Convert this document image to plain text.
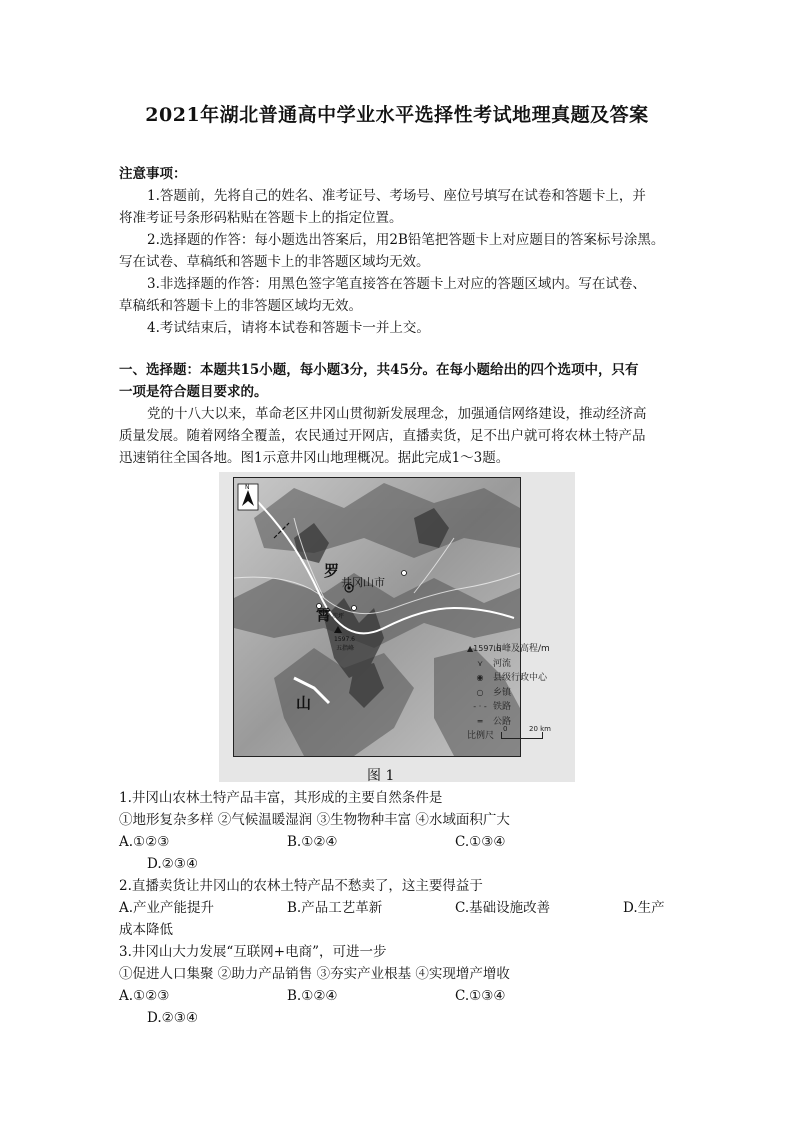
2021年湖北普通高中学业水平选择性考试地理真题及答案
注意事项：
1.答题前，先将自己的姓名、准考证号、考场号、座位号填写在试卷和答题卡上，并
将准考证号条形码粘贴在答题卡上的指定位置。
2.选择题的作答：每小题选出答案后，用2B铅笔把答题卡上对应题目的答案标号涂黑。
写在试卷、草稿纸和答题卡上的非答题区域均无效。
3.非选择题的作答：用黑色签字笔直接答在答题卡上对应的答题区域内。写在试卷、
草稿纸和答题卡上的非答题区域均无效。
4.考试结束后，请将本试卷和答题卡一并上交。
一、选择题：本题共15小题，每小题3分，共45分。在每小题给出的四个选项中，只有
一项是符合题目要求的。
党的十八大以来，革命老区井冈山贯彻新发展理念，加强通信网络建设，推动经济高
质量发展。随着网络全覆盖，农民通过开网店，直播卖货，足不出户就可将农林土特产品
迅速销往全国各地。图1示意井冈山地理概况。据此完成1～3题。
N
罗
霄
山
井冈山市
茨坪
1597.6
五指峰	▲1597.6山峰及高程/m
⋎ 河流
◉ 县级行政中心
○ 乡镇
- · - 铁路
═ 公路
比例尺
0	20 km
图 1
1.井冈山农林土特产品丰富，其形成的主要自然条件是
①地形复杂多样 ②气候温暖湿润 ③生物物种丰富 ④水域面积广大
A.①②③	B.①②④	C.①③④
D.②③④
2.直播卖货让井冈山的农林土特产品不愁卖了，这主要得益于
A.产业产能提升	B.产品工艺革新	C.基础设施改善	D.生产
成本降低
3.井冈山大力发展“互联网+电商”，可进一步
①促进人口集聚 ②助力产品销售 ③夯实产业根基 ④实现增产增收
A.①②③	B.①②④	C.①③④
D.②③④
